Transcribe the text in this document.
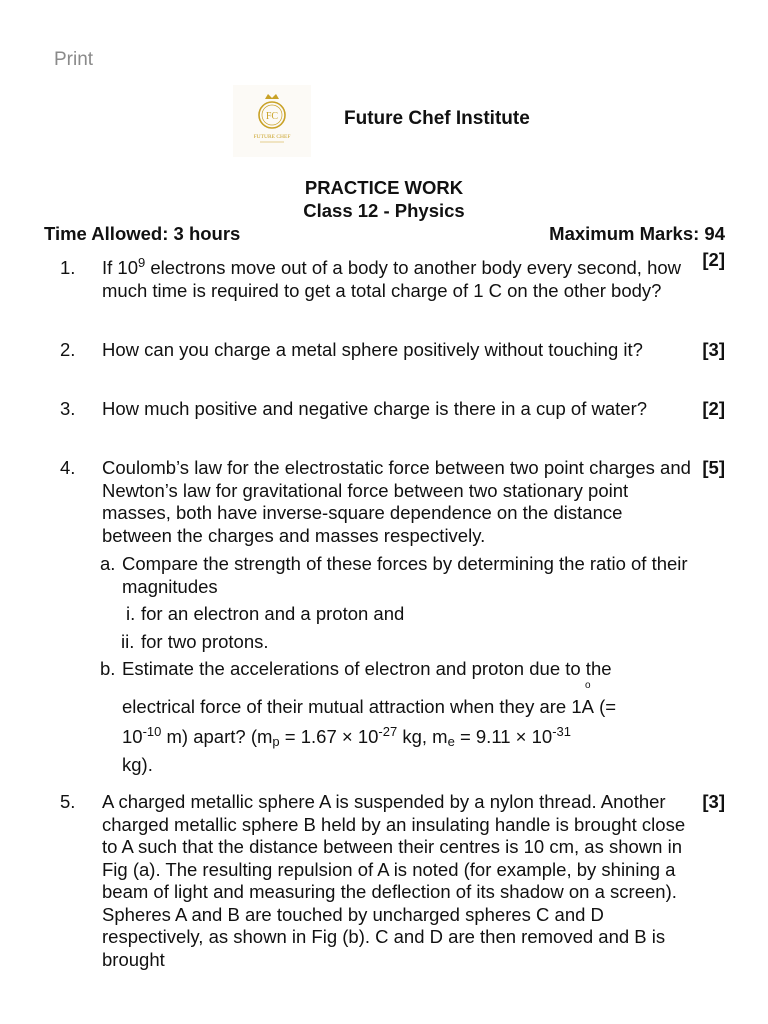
Print
FC
FUTURE CHEF
Future Chef Institute
PRACTICE WORK
Class 12 - Physics
Time Allowed: 3 hours	Maximum Marks: 94
1. If $10^9$ electrons move out of a body to another body every second, how much time is required to get a total charge of 1 C on the other body?
[2]
2. How can you charge a metal sphere positively without touching it?	[3]
3. How much positive and negative charge is there in a cup of water?	[2]
4. Coulomb’s law for the electrostatic force between two point charges and Newton’s law for gravitational force between two stationary point masses, both have inverse-square dependence on the distance between the charges and masses respectively.
[5]
a. Compare the strength of these forces by determining the ratio of their magnitudes
i. for an electron and a proton and
ii. for two protons.
b. Estimate the accelerations of electron and proton due to the
electrical force of their mutual attraction when they are 1
o
A (=
$10^{-10}$ m) apart? ($m_p = 1.67 \times 10^{-27}$ kg, $m_e = 9.11 \times 10^{-31}$
kg).
5. A charged metallic sphere A is suspended by a nylon thread. Another charged metallic sphere B held by an insulating handle is brought close to A such that the distance between their centres is 10 cm, as shown in Fig (a). The resulting repulsion of A is noted (for example, by shining a beam of light and measuring the deflection of its shadow on a screen). Spheres A and B are touched by uncharged spheres C and D respectively, as shown in Fig (b). C and D are then removed and B is brought
[3]
